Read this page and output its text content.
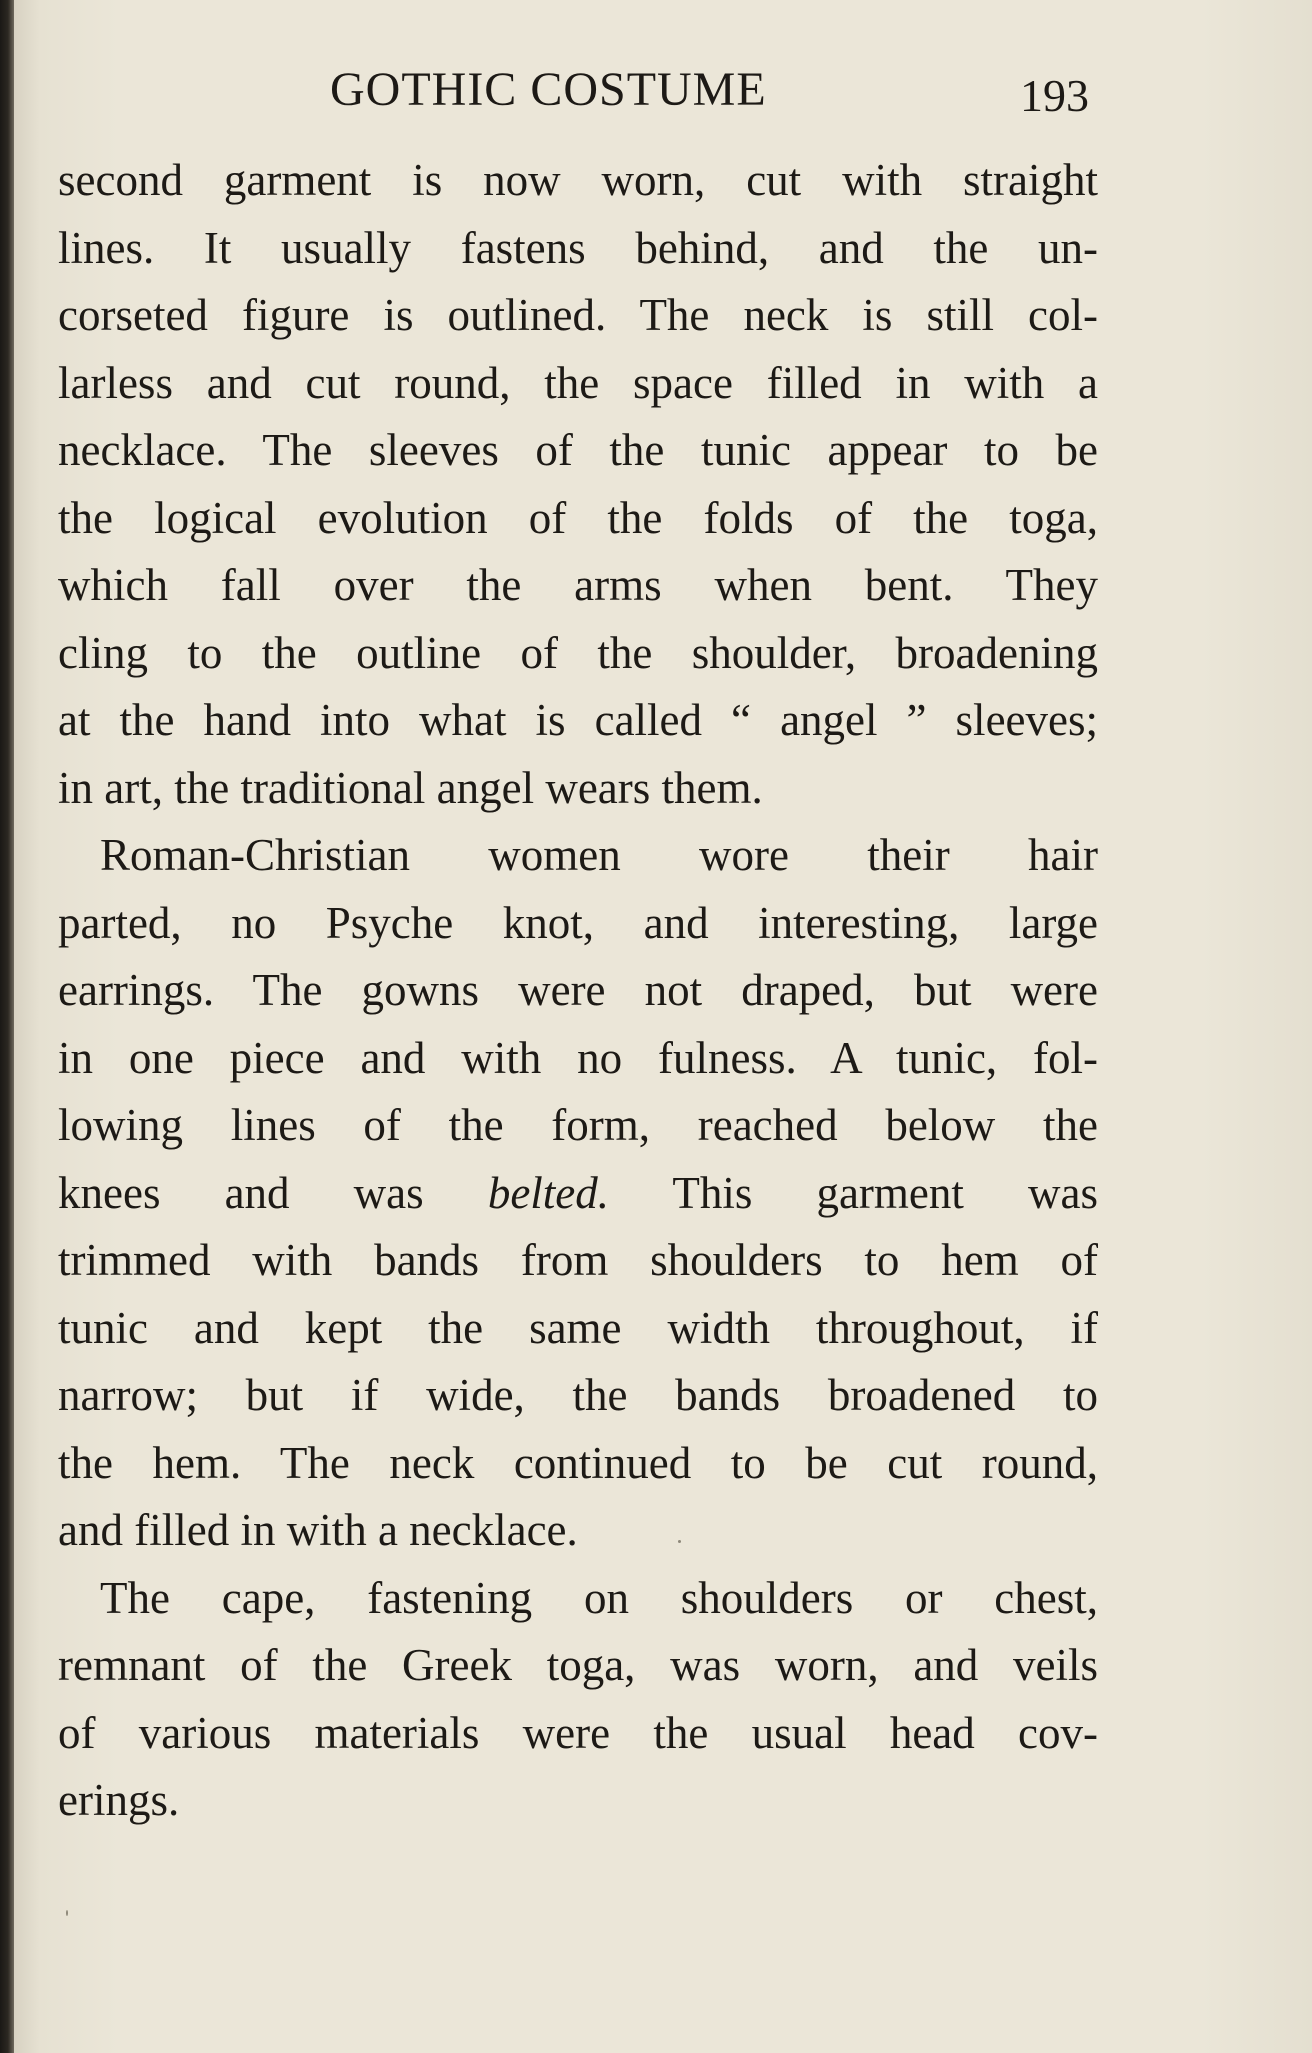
GOTHIC COSTUME	193
second garment is now worn, cut with straight
lines. It usually fastens behind, and the un-
corseted figure is outlined. The neck is still col-
larless and cut round, the space filled in with a
necklace. The sleeves of the tunic appear to be
the logical evolution of the folds of the toga,
which fall over the arms when bent. They
cling to the outline of the shoulder, broadening
at the hand into what is called “ angel ” sleeves;
in art, the traditional angel wears them.
Roman-Christian women wore their hair
parted, no Psyche knot, and interesting, large
earrings. The gowns were not draped, but were
in one piece and with no fulness. A tunic, fol-
lowing lines of the form, reached below the
knees and was belted. This garment was
trimmed with bands from shoulders to hem of
tunic and kept the same width throughout, if
narrow; but if wide, the bands broadened to
the hem. The neck continued to be cut round,
and filled in with a necklace.
The cape, fastening on shoulders or chest,
remnant of the Greek toga, was worn, and veils
of various materials were the usual head cov-
erings.
